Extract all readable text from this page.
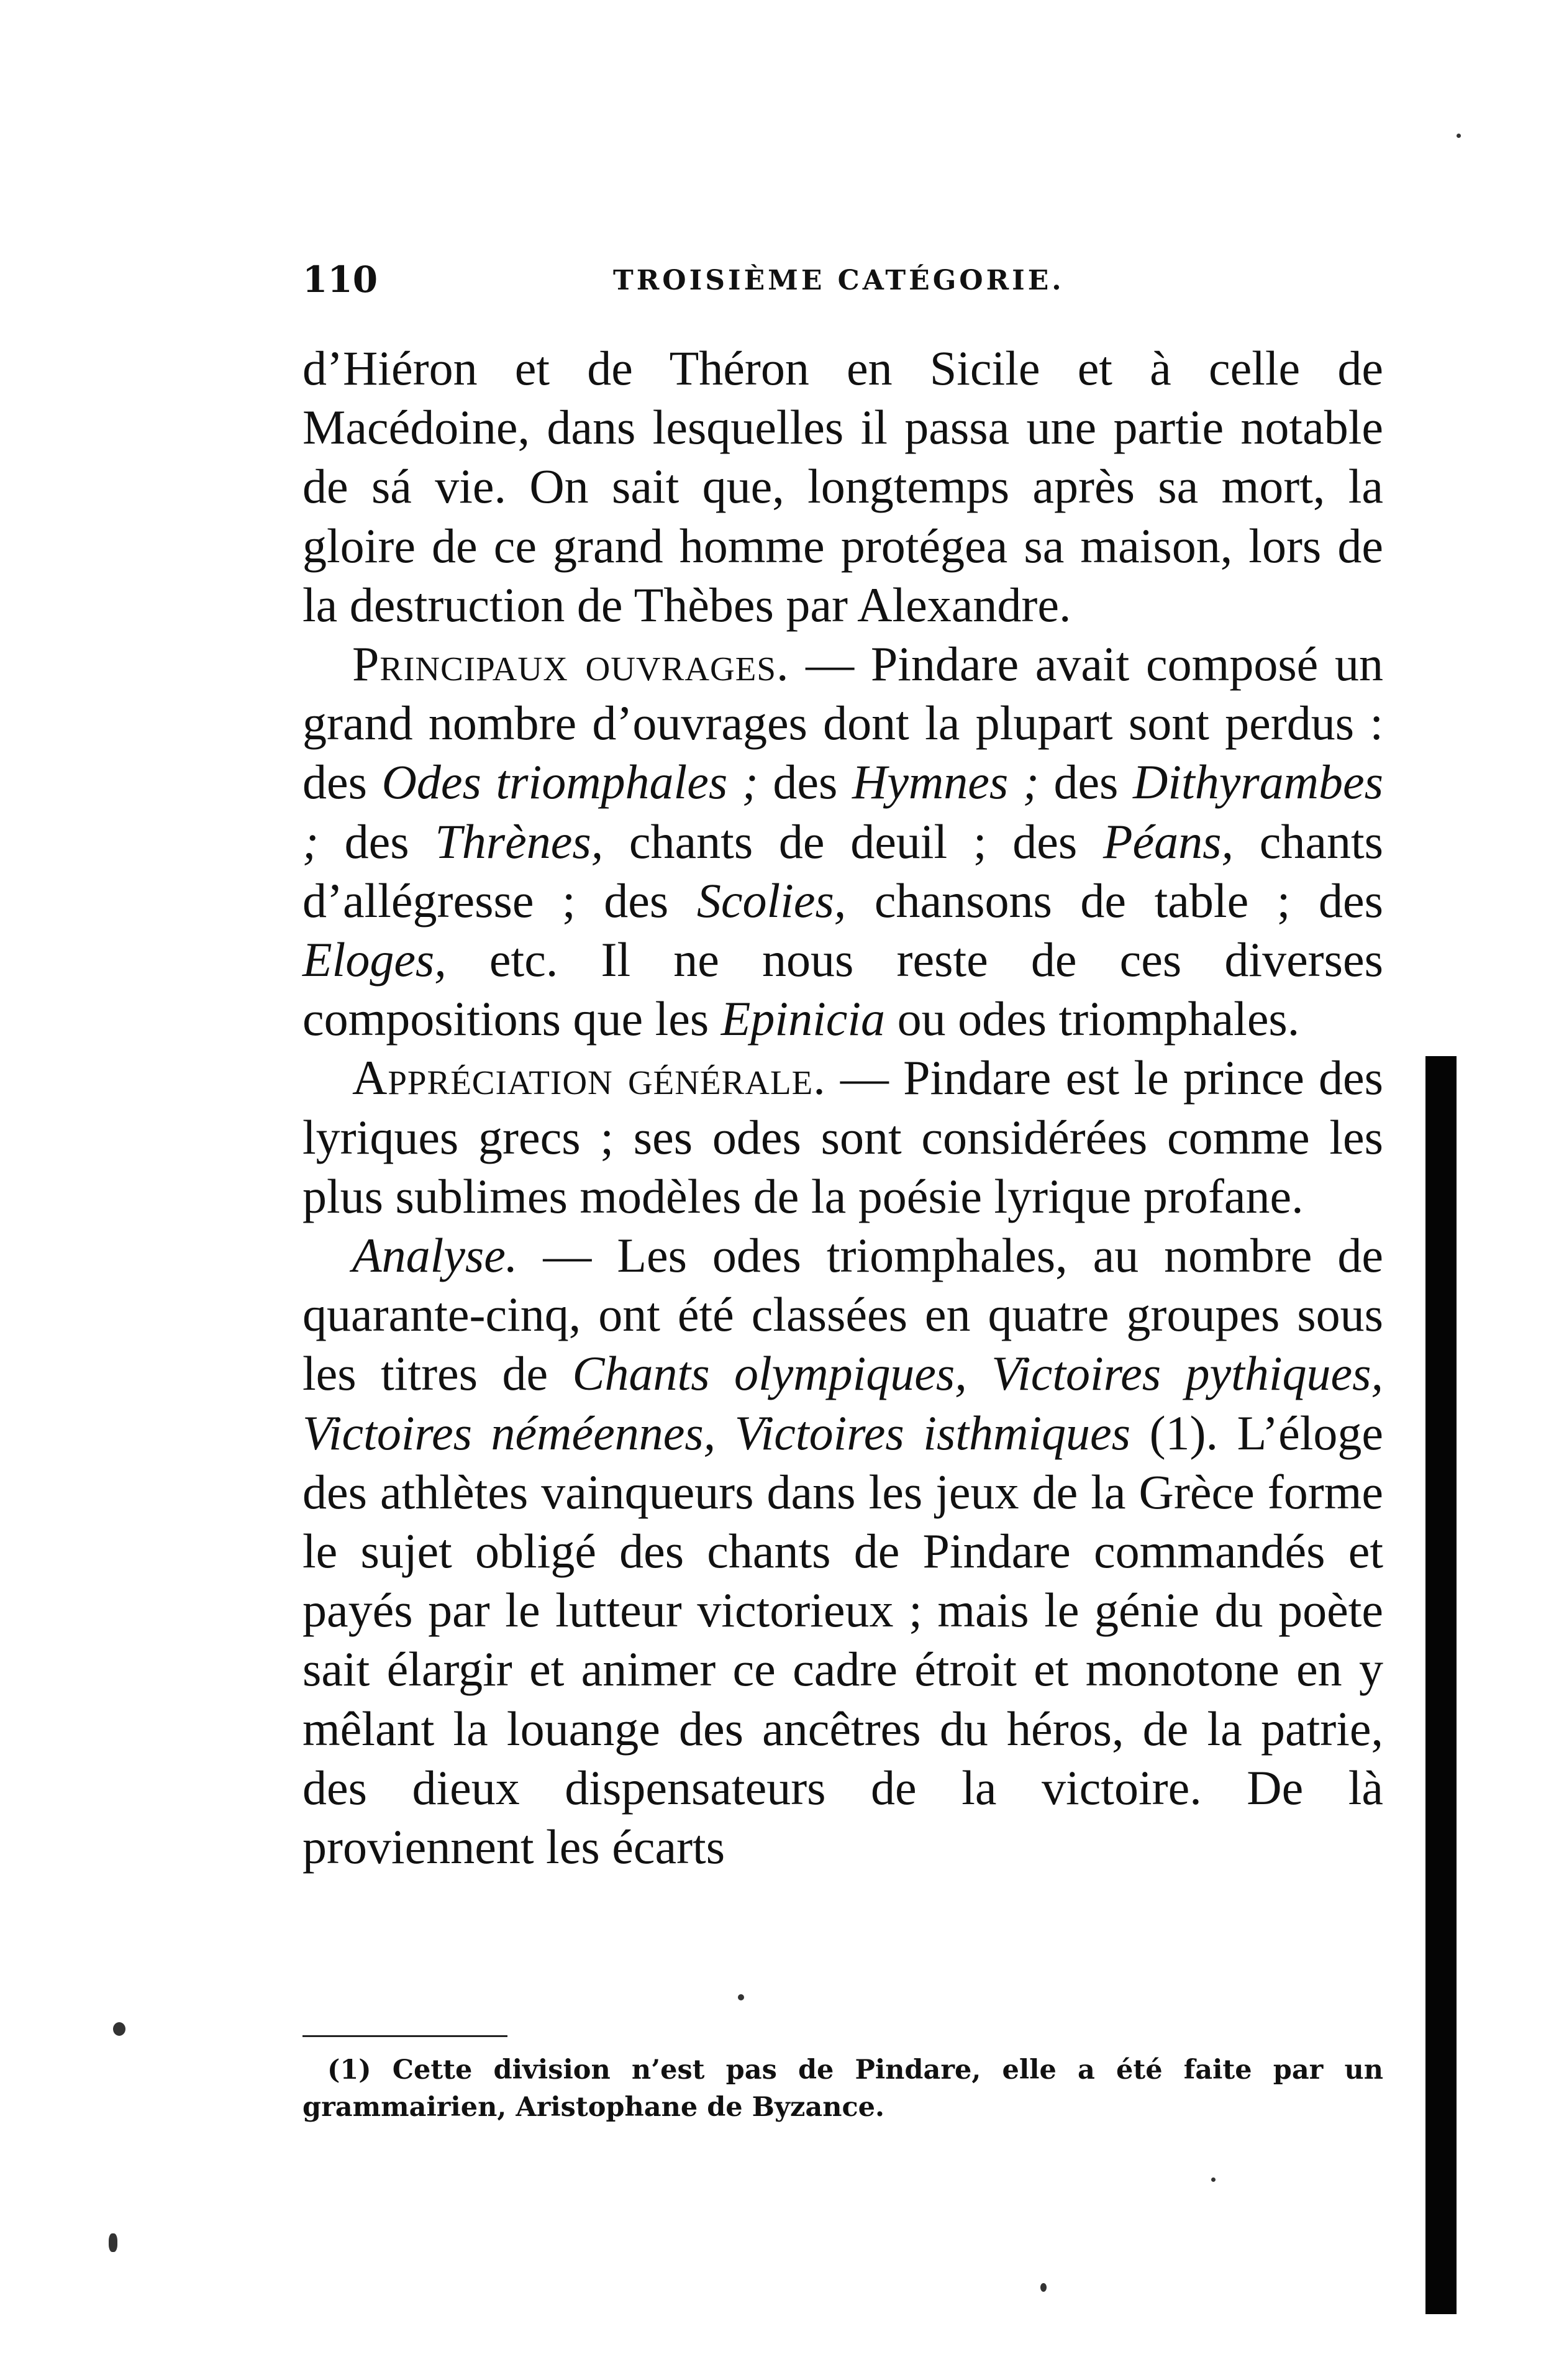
110	TROISIÈME CATÉGORIE.

d’Hiéron et de Théron en Sicile et à celle de Macédoine, dans lesquelles il passa une partie notable de sá vie. On sait que, longtemps après sa mort, la gloire de ce grand homme protégea sa maison, lors de la destruction de Thèbes par Alexandre.

Principaux ouvrages. — Pindare avait composé un grand nombre d’ouvrages dont la plupart sont perdus : des Odes triomphales ; des Hymnes ; des Dithyrambes ; des Thrènes, chants de deuil ; des Péans, chants d’allégresse ; des Scolies, chansons de table ; des Eloges, etc. Il ne nous reste de ces diverses compositions que les Epinicia ou odes triomphales.

Appréciation générale. — Pindare est le prince des lyriques grecs ; ses odes sont considérées comme les plus sublimes modèles de la poésie lyrique profane.

Analyse. — Les odes triomphales, au nombre de quarante-cinq, ont été classées en quatre groupes sous les titres de Chants olympiques, Victoires pythiques, Victoires néméennes, Victoires isthmiques (1). L’éloge des athlètes vainqueurs dans les jeux de la Grèce forme le sujet obligé des chants de Pindare commandés et payés par le lutteur victorieux ; mais le génie du poète sait élargir et animer ce cadre étroit et monotone en y mêlant la louange des ancêtres du héros, de la patrie, des dieux dispensateurs de la victoire. De là proviennent les écarts

(1) Cette division n’est pas de Pindare, elle a été faite par un grammairien, Aristophane de Byzance.
